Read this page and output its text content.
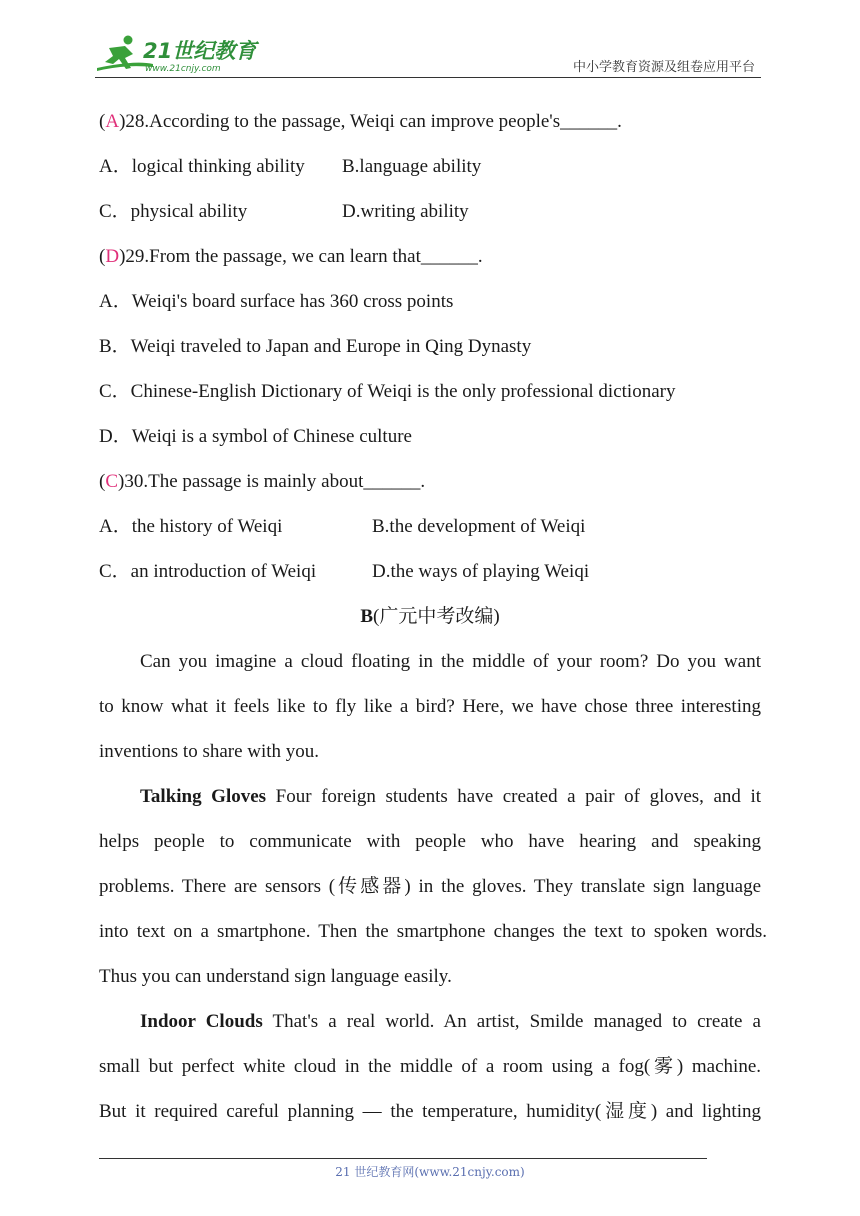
21世纪教育
www.21cnjy.com	中小学教育资源及组卷应用平台
(A)28.According to the passage, Weiqi can improve people's______.
A．logical thinking ability B.language ability
C．physical ability	D.writing ability
(D)29.From the passage, we can learn that______.
A．Weiqi's board surface has 360 cross points
B．Weiqi traveled to Japan and Europe in Qing Dynasty
C．Chinese-English Dictionary of Weiqi is the only professional dictionary
D．Weiqi is a symbol of Chinese culture
(C)30.The passage is mainly about______.
A．the history of Weiqi	B.the development of Weiqi
C．an introduction of Weiqi	D.the ways of playing Weiqi
B(广元中考改编)
Can you imagine a cloud floating in the middle of your room? Do you want
to know what it feels like to fly like a bird? Here, we have chose three interesting
inventions to share with you.
Talking Gloves Four foreign students have created a pair of gloves, and it
helps people to communicate with people who have hearing and speaking
problems. There are sensors (传感器) in the gloves. They translate sign language
into text on a smartphone. Then the smartphone changes the text to spoken words.
Thus you can understand sign language easily.
Indoor Clouds That's a real world. An artist, Smilde managed to create a
small but perfect white cloud in the middle of a room using a fog(雾) machine.
But it required careful planning — the temperature, humidity(湿度) and lighting
21 世纪教育网(www.21cnjy.com)
